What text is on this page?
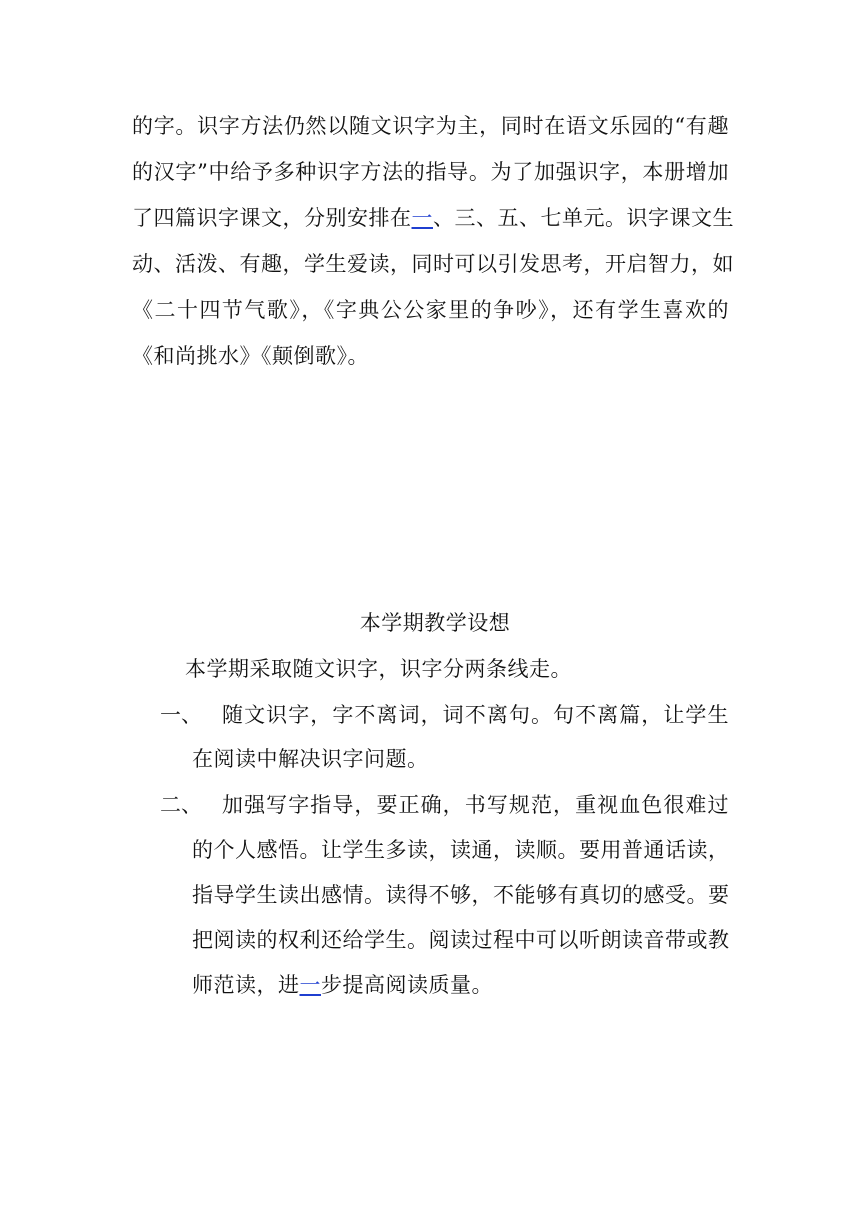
的字。识字方法仍然以随文识字为主，同时在语文乐园的“有趣
的汉字”中给予多种识字方法的指导。为了加强识字，本册增加
了四篇识字课文，分别安排在一、三、五、七单元。识字课文生
动、活泼、有趣，学生爱读，同时可以引发思考，开启智力，如
《二十四节气歌》，《字典公公家里的争吵》，还有学生喜欢的
《和尚挑水》《颠倒歌》。
本学期教学设想
本学期采取随文识字，识字分两条线走。
一、 随文识字，字不离词，词不离句。句不离篇，让学生
在阅读中解决识字问题。
二、 加强写字指导，要正确，书写规范，重视血色很难过
的个人感悟。让学生多读，读通，读顺。要用普通话读，
指导学生读出感情。读得不够，不能够有真切的感受。要
把阅读的权利还给学生。阅读过程中可以听朗读音带或教
师范读，进一步提高阅读质量。
